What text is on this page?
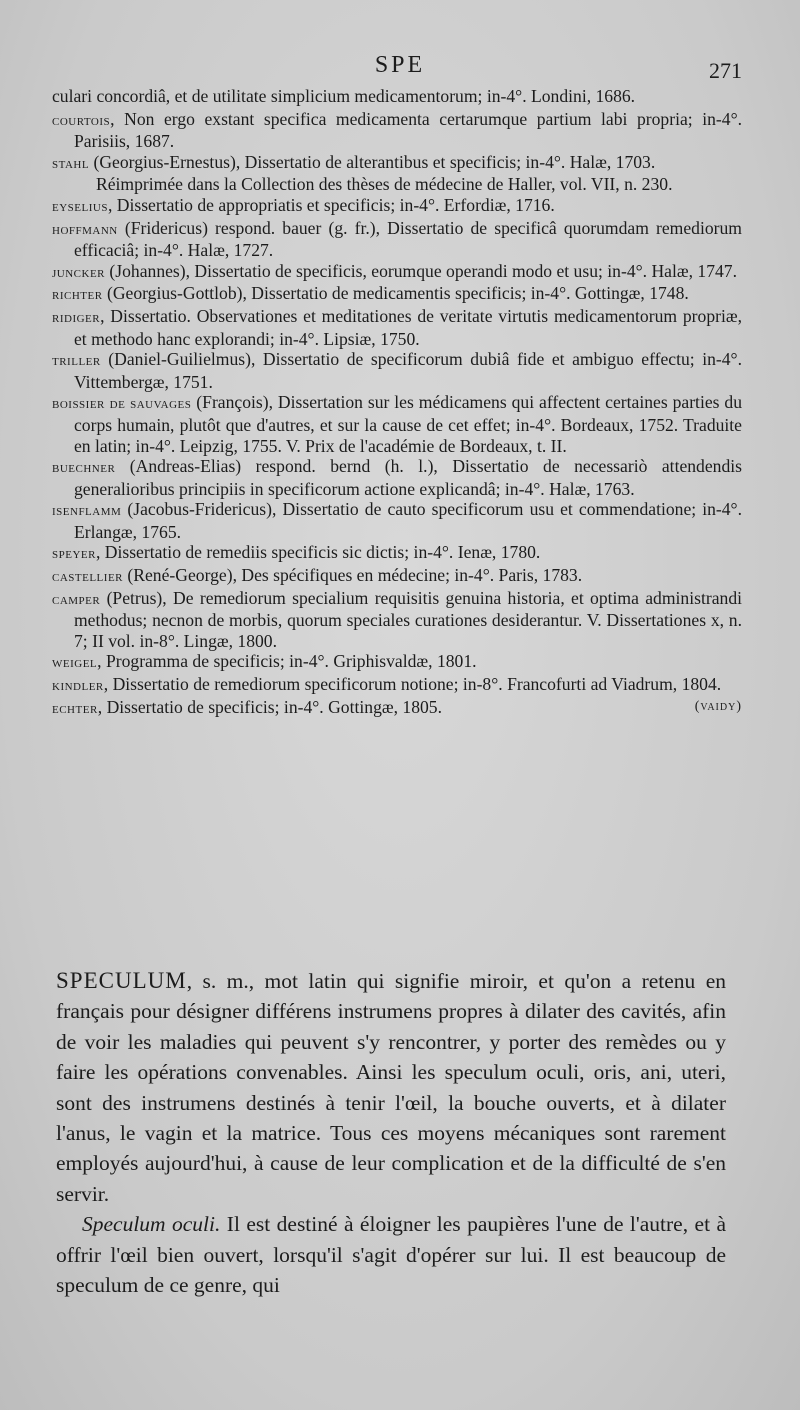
SPE	271

culari concordiâ, et de utilitate simplicium medicamentorum; in-4°. Londini, 1686.

courtois, Non ergo exstant specifica medicamenta certarumque partium labi propria; in-4°. Parisiis, 1687.

stahl (Georgius-Ernestus), Dissertatio de alterantibus et specificis; in-4°. Halæ, 1703.

Réimprimée dans la Collection des thèses de médecine de Haller, vol. VII, n. 230.

eyselius, Dissertatio de appropriatis et specificis; in-4°. Erfordiæ, 1716.

hoffmann (Fridericus) respond. bauer (g. fr.), Dissertatio de specificâ quorumdam remediorum efficaciâ; in-4°. Halæ, 1727.

juncker (Johannes), Dissertatio de specificis, eorumque operandi modo et usu; in-4°. Halæ, 1747.

richter (Georgius-Gottlob), Dissertatio de medicamentis specificis; in-4°. Gottingæ, 1748.

ridiger, Dissertatio. Observationes et meditationes de veritate virtutis medicamentorum propriæ, et methodo hanc explorandi; in-4°. Lipsiæ, 1750.

triller (Daniel-Guilielmus), Dissertatio de specificorum dubiâ fide et ambiguo effectu; in-4°. Vittembergæ, 1751.

boissier de sauvages (François), Dissertation sur les médicamens qui affectent certaines parties du corps humain, plutôt que d'autres, et sur la cause de cet effet; in-4°. Bordeaux, 1752. Traduite en latin; in-4°. Leipzig, 1755. V. Prix de l'académie de Bordeaux, t. II.

buechner (Andreas-Elias) respond. bernd (h. l.), Dissertatio de necessariò attendendis generalioribus principiis in specificorum actione explicandâ; in-4°. Halæ, 1763.

isenflamm (Jacobus-Fridericus), Dissertatio de cauto specificorum usu et commendatione; in-4°. Erlangæ, 1765.

speyer, Dissertatio de remediis specificis sic dictis; in-4°. Ienæ, 1780.

castellier (René-George), Des spécifiques en médecine; in-4°. Paris, 1783.

camper (Petrus), De remediorum specialium requisitis genuina historia, et optima administrandi methodus; necnon de morbis, quorum speciales curationes desiderantur. V. Dissertationes x, n. 7; II vol. in-8°. Lingæ, 1800.

weigel, Programma de specificis; in-4°. Griphisvaldæ, 1801.

kindler, Dissertatio de remediorum specificorum notione; in-8°. Francofurti ad Viadrum, 1804.

echter, Dissertatio de specificis; in-4°. Gottingæ, 1805.	(vaidy)

SPECULUM, s. m., mot latin qui signifie miroir, et qu'on a retenu en français pour désigner différens instrumens propres à dilater des cavités, afin de voir les maladies qui peuvent s'y rencontrer, y porter des remèdes ou y faire les opérations convenables. Ainsi les speculum oculi, oris, ani, uteri, sont des instrumens destinés à tenir l'œil, la bouche ouverts, et à dilater l'anus, le vagin et la matrice. Tous ces moyens mécaniques sont rarement employés aujourd'hui, à cause de leur complication et de la difficulté de s'en servir.

Speculum oculi. Il est destiné à éloigner les paupières l'une de l'autre, et à offrir l'œil bien ouvert, lorsqu'il s'agit d'opérer sur lui. Il est beaucoup de speculum de ce genre, qui
